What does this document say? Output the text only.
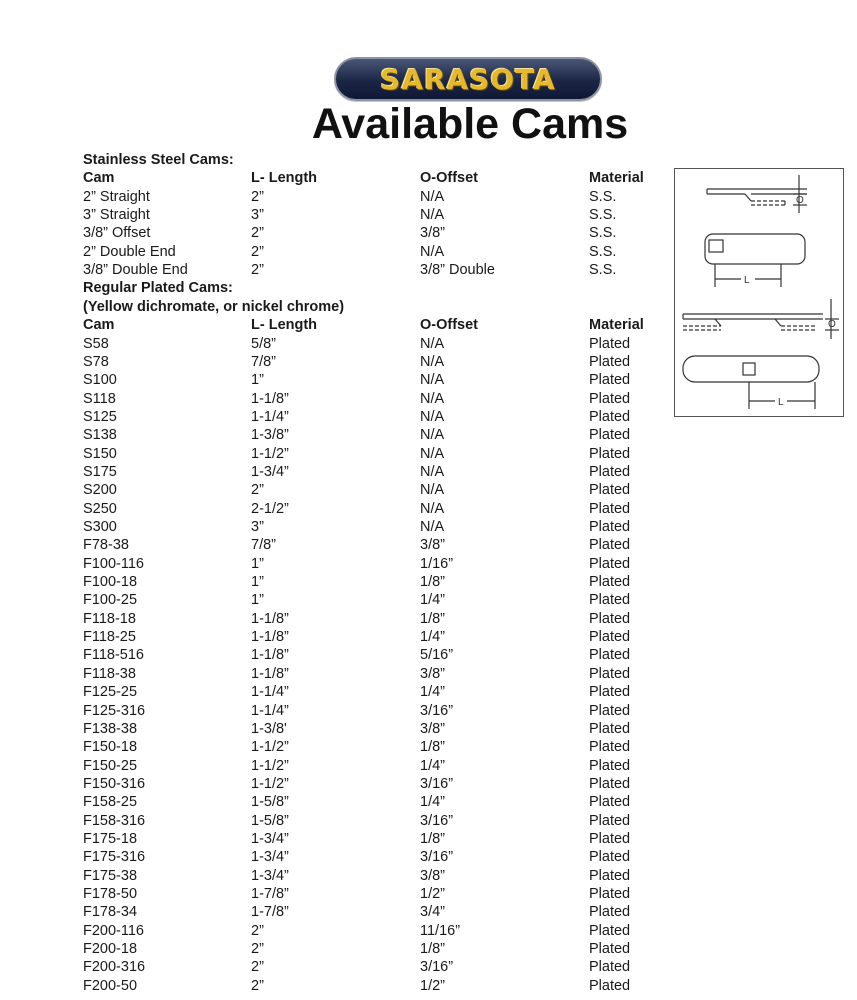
SARASOTA
Available Cams
Stainless Steel Cams:
Cam	L- Length	O-Offset	Material
2” Straight	2”	N/A	S.S.
3” Straight	3”	N/A	S.S.
3/8” Offset	2”	3/8”	S.S.
2” Double End	2”	N/A	S.S.
3/8” Double End	2”	3/8” Double	S.S.
Regular Plated Cams:
(Yellow dichromate, or nickel chrome)
Cam	L- Length	O-Offset	Material
S58	5/8”	N/A	Plated
S78	7/8”	N/A	Plated
S100	1”	N/A	Plated
S118	1-1/8”	N/A	Plated
S125	1-1/4”	N/A	Plated
S138	1-3/8”	N/A	Plated
S150	1-1/2”	N/A	Plated
S175	1-3/4”	N/A	Plated
S200	2”	N/A	Plated
S250	2-1/2”	N/A	Plated
S300	3”	N/A	Plated
F78-38	7/8”	3/8”	Plated
F100-116	1”	1/16”	Plated
F100-18	1”	1/8”	Plated
F100-25	1”	1/4”	Plated
F118-18	1-1/8”	1/8”	Plated
F118-25	1-1/8”	1/4”	Plated
F118-516	1-1/8”	5/16”	Plated
F118-38	1-1/8”	3/8”	Plated
F125-25	1-1/4”	1/4”	Plated
F125-316	1-1/4”	3/16”	Plated
F138-38	1-3/8'	3/8”	Plated
F150-18	1-1/2”	1/8”	Plated
F150-25	1-1/2”	1/4”	Plated
F150-316	1-1/2”	3/16”	Plated
F158-25	1-5/8”	1/4”	Plated
F158-316	1-5/8”	3/16”	Plated
F175-18	1-3/4”	1/8”	Plated
F175-316	1-3/4”	3/16”	Plated
F175-38	1-3/4”	3/8”	Plated
F178-50	1-7/8”	1/2”	Plated
F178-34	1-7/8”	3/4”	Plated
F200-116	2”	11/16”	Plated
F200-18	2”	1/8”	Plated
F200-316	2”	3/16”	Plated
F200-50	2”	1/2”	Plated
O
L
O
L
